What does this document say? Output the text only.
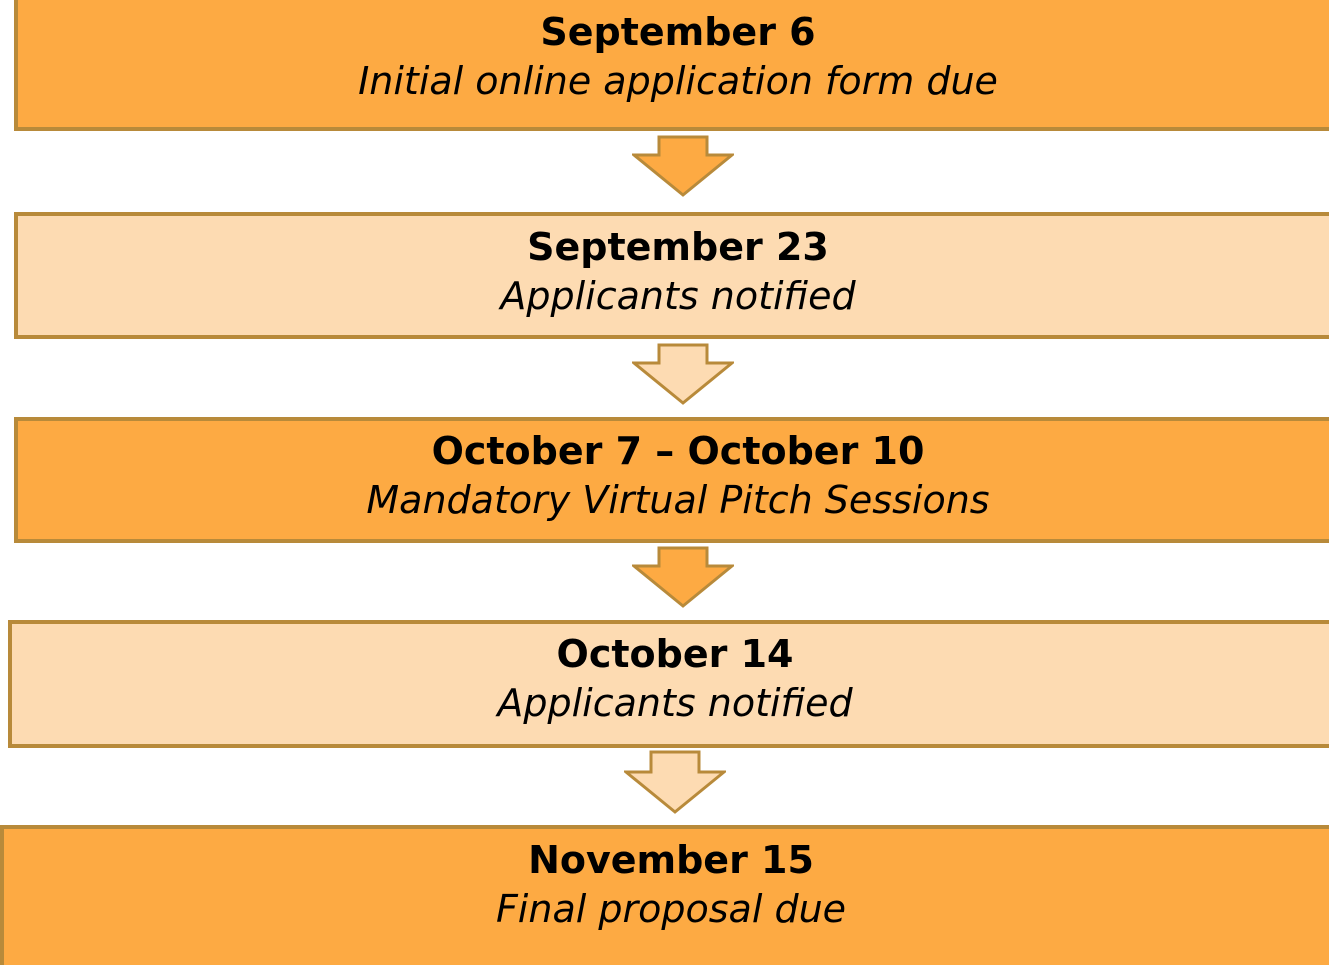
September 6
Initial online application form due
September 23
Applicants notified
October 7 – October 10
Mandatory Virtual Pitch Sessions
October 14
Applicants notified
November 15
Final proposal due
